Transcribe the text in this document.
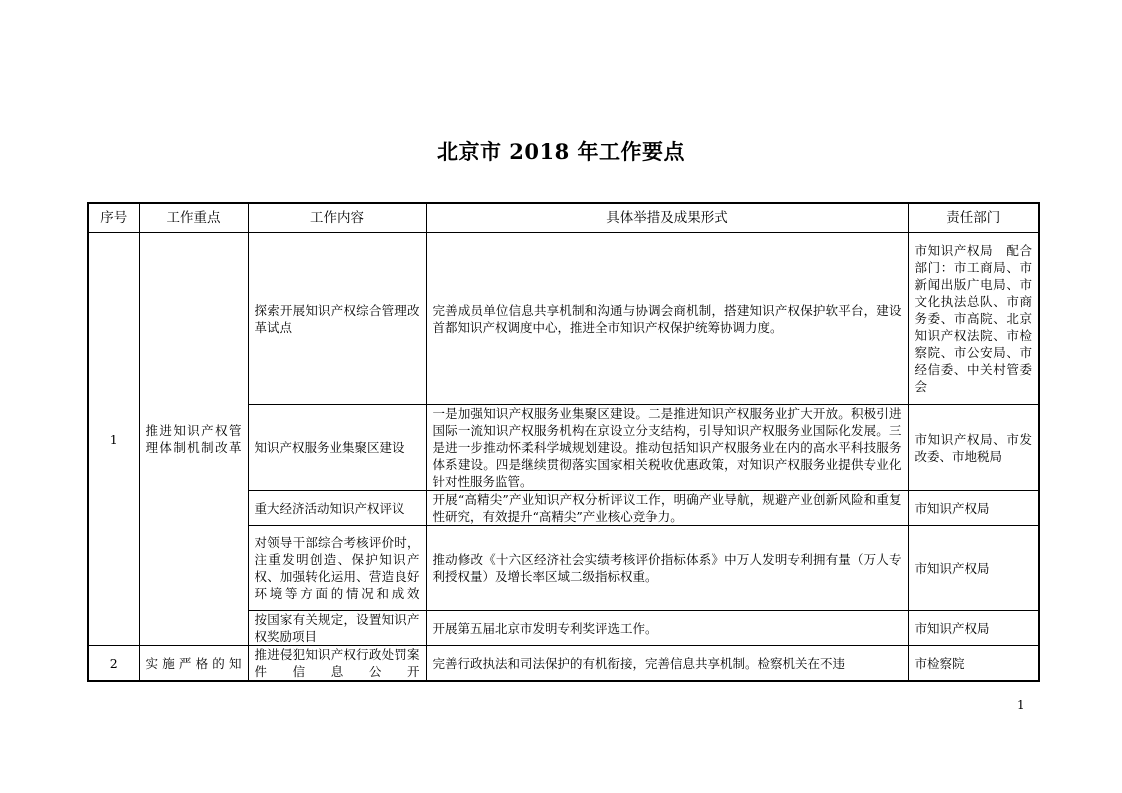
北京市 2018 年工作要点
序号	工作重点	工作内容	具体举措及成果形式	责任部门
1	推进知识产权管理体制机制改革	探索开展知识产权综合管理改革试点	完善成员单位信息共享机制和沟通与协调会商机制，搭建知识产权保护软平台，建设首都知识产权调度中心，推进全市知识产权保护统筹协调力度。	市知识产权局　配合部门：市工商局、市新闻出版广电局、市文化执法总队、市商务委、市高院、北京知识产权法院、市检察院、市公安局、市经信委、中关村管委会
		知识产权服务业集聚区建设	一是加强知识产权服务业集聚区建设。二是推进知识产权服务业扩大开放。积极引进国际一流知识产权服务机构在京设立分支结构，引导知识产权服务业国际化发展。三是进一步推动怀柔科学城规划建设。推动包括知识产权服务业在内的高水平科技服务体系建设。四是继续贯彻落实国家相关税收优惠政策，对知识产权服务业提供专业化针对性服务监管。	市知识产权局、市发改委、市地税局
		重大经济活动知识产权评议	开展“高精尖”产业知识产权分析评议工作，明确产业导航，规避产业创新风险和重复性研究，有效提升“高精尖”产业核心竞争力。	市知识产权局
		对领导干部综合考核评价时，注重发明创造、保护知识产权、加强转化运用、营造良好环境等方面的情况和成效	推动修改《十六区经济社会实绩考核评价指标体系》中万人发明专利拥有量（万人专利授权量）及增长率区域二级指标权重。	市知识产权局
		按国家有关规定，设置知识产权奖励项目	开展第五届北京市发明专利奖评选工作。	市知识产权局
2	实施严格的知	推进侵犯知识产权行政处罚案件信息公开	完善行政执法和司法保护的有机衔接，完善信息共享机制。检察机关在不违	市检察院
1
